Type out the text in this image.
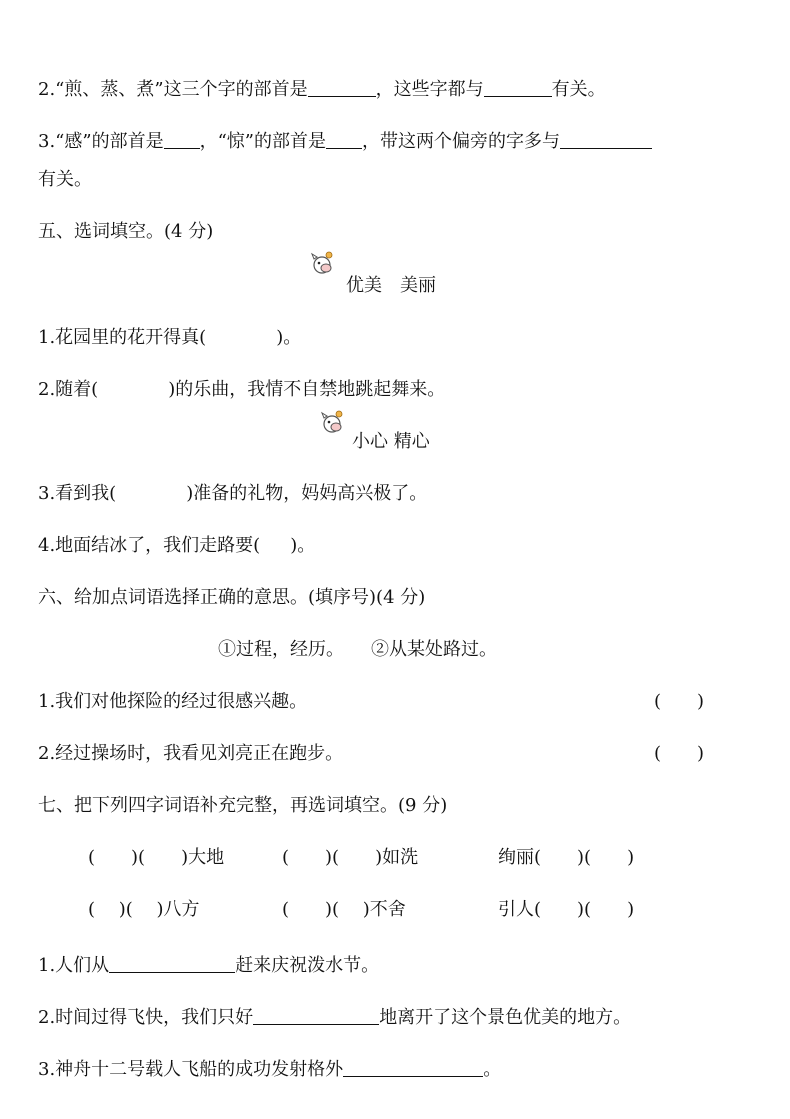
2.“煎、蒸、煮”这三个字的部首是	，这些字都与	有关。
3.“感”的部首是 ，“惊”的部首是 ，带这两个偏旁的字多与
有关。
五、选词填空。(4 分)
优美　美丽
1.花园里的花开得真(	)。
2.随着(	)的乐曲，我情不自禁地跳起舞来。
小心 精心
3.看到我(	)准备的礼物，妈妈高兴极了。
4.地面结冰了，我们走路要( )。
六、给加点词语选择正确的意思。(填序号)(4 分)
①过程，经历。　　②从某处路过。
1.我们对他探险的经过很感兴趣。	(　　)
2.经过操场时，我看见刘亮正在跑步。	(　　)
七、把下列四字词语补充完整，再选词填空。(9 分)
(　　)(　　)大地	(　　)(　　)如洗	绚丽(　　)(　　)
(　 )(　 )八方	(　　)(　 )不舍	引人(　　)(　　)
1.人们从	赶来庆祝泼水节。
2.时间过得飞快，我们只好	地离开了这个景色优美的地方。
3.神舟十二号载人飞船的成功发射格外	。
